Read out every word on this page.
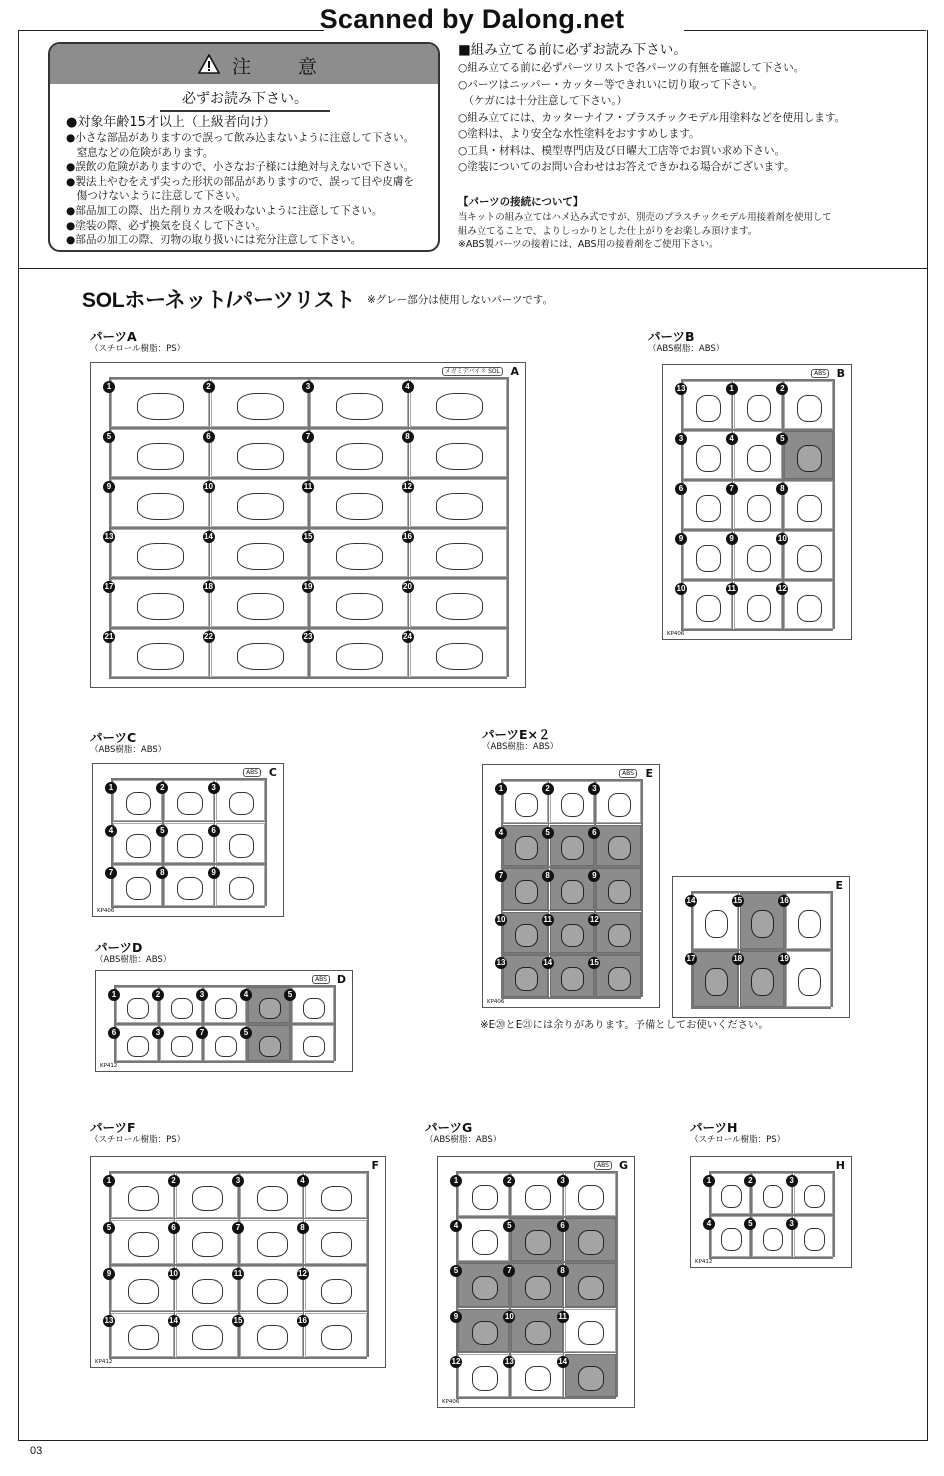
Scanned by Dalong.net
注　意
必ずお読み下さい。
●対象年齢15才以上（上級者向け）
●小さな部品がありますので誤って飲み込まないように注意して下さい。
　窒息などの危険があります。
●誤飲の危険がありますので、小さなお子様には絶対与えないで下さい。
●製法上やむをえず尖った形状の部品がありますので、誤って目や皮膚を
　傷つけないように注意して下さい。
●部品加工の際、出た削りカスを吸わないように注意して下さい。
●塗装の際、必ず換気を良くして下さい。
●部品の加工の際、刃物の取り扱いには充分注意して下さい。
■組み立てる前に必ずお読み下さい。
○組み立てる前に必ずパーツリストで各パーツの有無を確認して下さい。
○パーツはニッパー・カッター等できれいに切り取って下さい。
　（ケガには十分注意して下さい。）
○組み立てには、カッターナイフ・プラスチックモデル用塗料などを使用します。
○塗料は、より安全な水性塗料をおすすめします。
○工具・材料は、模型専門店及び日曜大工店等でお買い求め下さい。
○塗装についてのお問い合わせはお答えできかねる場合がございます。
【パーツの接続について】
当キットの組み立てはハメ込み式ですが、別売のプラスチックモデル用接着剤を使用して
組み立てることで、よりしっかりとした仕上がりをお楽しみ頂けます。
※ABS製パーツの接着には、ABS用の接着剤をご使用下さい。
SOLホーネット/パーツリスト ※グレー部分は使用しないパーツです。
パーツA
（スチロール樹脂：PS）
パーツB
（ABS樹脂：ABS）
パーツC
（ABS樹脂：ABS）
パーツE×２
（ABS樹脂：ABS）
パーツD
（ABS樹脂：ABS）
パーツF
（スチロール樹脂：PS）
パーツG
（ABS樹脂：ABS）
パーツH
（スチロール樹脂：PS）
A
メガミデバイス SOL
1	2	3	4
5	6	7	8
9	10	11	12
13	14	15	16
17	18	19	20
21	22	23	24
B
ABS
KP406
13	1	2
3	4	5
6	7	8
9	9	10
10	11	12
C
ABS
KP406
1	2	3
4	5	6
7	8	9
E
ABS
KP406
1	2	3
4	5	6
7	8	9
10	11	12
13	14	15
E
14	15	16
17	18	19
D
ABS
KP412
1	2	3	4	5
6	3	7	5
F
KP412
1	2	3	4
5	6	7	8
9	10	11	12
13	14	15	16
G
ABS
KP406
1	2	3
4	5	6
5	7	8
9	10	11
12	13	14
H
KP412
1	2	3
4	5	3
※E⑳とE㉑には余りがあります。予備としてお使いください。
03
